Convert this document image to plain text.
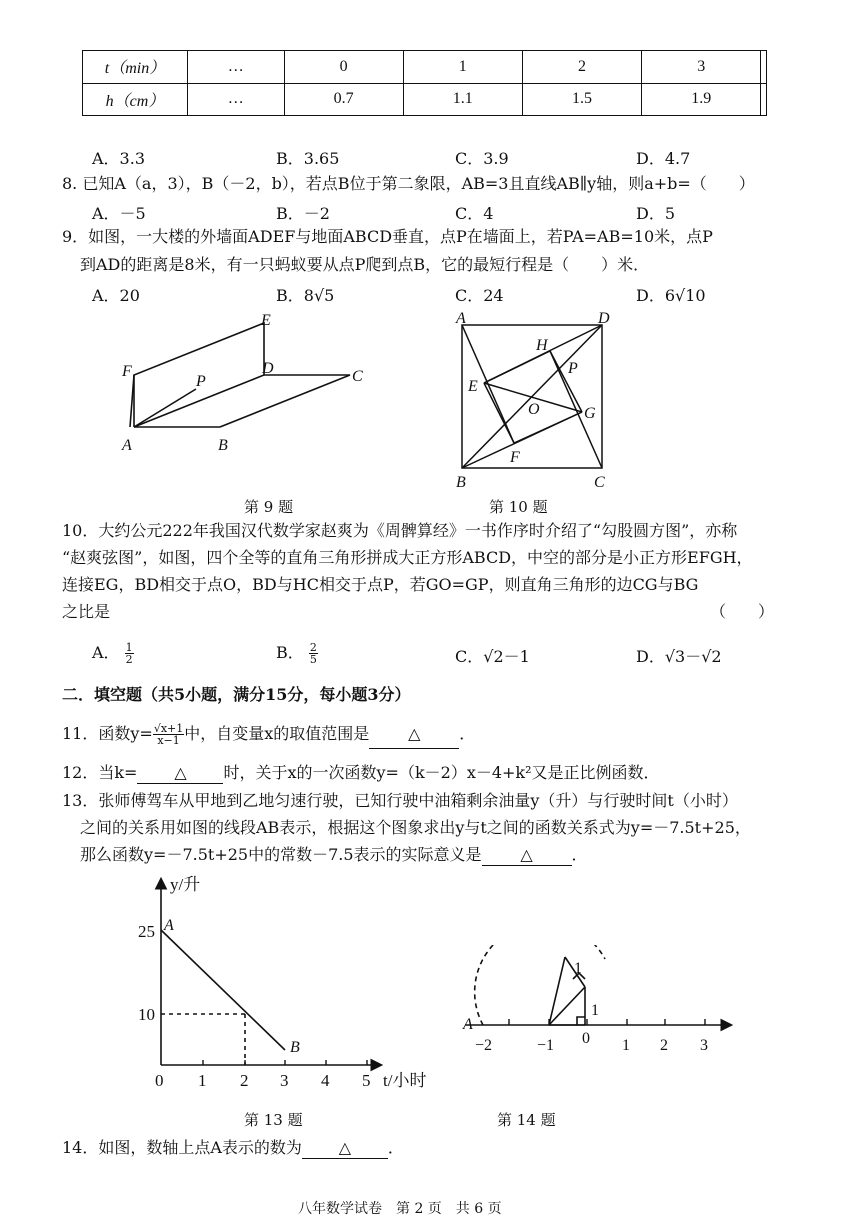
t（min）	…	0	1	2	3	
h（cm）	…	0.7	1.1	1.5	1.9	
A．3.3	B．3.65	C．3.9	D．4.7
8. 已知A（a，3），B（－2，b），若点B位于第二象限，AB=3且直线AB∥y轴，则a+b=（　　）
A．－5	B．－2	C．4	D．5
9．如图，一大楼的外墙面ADEF与地面ABCD垂直，点P在墙面上，若PA=AB=10米，点P
到AD的距离是8米，有一只蚂蚁要从点P爬到点B，它的最短行程是（　　）米．
A．20	B．8√5	C．24	D．6√10
E
F
P
D	C
A	B
第 9 题
A	D
H
P
E
O	G
F
B	C
第 10 题
10．大约公元222年我国汉代数学家赵爽为《周髀算经》一书作序时介绍了“勾股圆方图”，亦称
“赵爽弦图”，如图，四个全等的直角三角形拼成大正方形ABCD，中空的部分是小正方形EFGH，
连接EG，BD相交于点O，BD与HC相交于点P，若GO=GP，则直角三角形的边CG与BG
之比是	（　　）
A． $\frac{1}{2}$	B． $\frac{2}{5}$	C．√2－1	D．√3－√2
二．填空题（共5小题，满分15分，每小题3分）
11．函数$y= \frac{√x+1}{x-1}$ 中，自变量x的取值范围是 △ ．
12．当k= △ 时，关于x的一次函数y=（k－2）x－4+k²又是正比例函数．
13．张师傅驾车从甲地到乙地匀速行驶，已知行驶中油箱剩余油量y（升）与行驶时间t（小时）
之间的关系用如图的线段AB表示，根据这个图象求出y与t之间的函数关系式为y=－7.5t+25，
那么函数y=－7.5t+25中的常数－7.5表示的实际意义是 △ ．
y/升
t/小时
25
10
0 1 2 3 4 5
A
B
第 13 题
A
−2	−1 0 1 2 3
1
1
第 14 题
14．如图，数轴上点A表示的数为 △ ．
八年数学试卷　第 2 页　共 6 页
